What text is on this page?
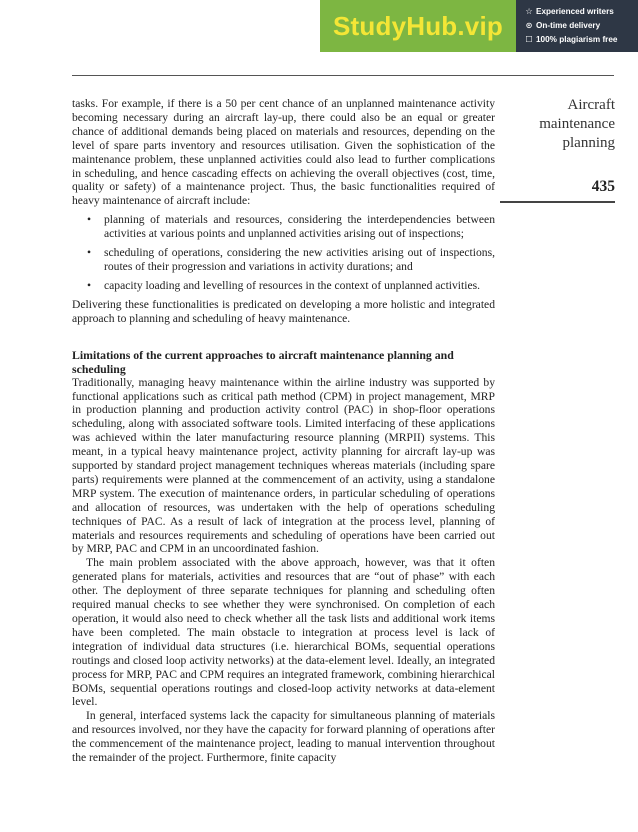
StudyHub.vip	☆ Experienced writers
⊙ On-time delivery
☐ 100% plagiarism free
Aircraft
maintenance
planning
435

tasks. For example, if there is a 50 per cent chance of an unplanned maintenance activity becoming necessary during an aircraft lay-up, there could also be an equal or greater chance of additional demands being placed on materials and resources, depending on the level of spare parts inventory and resources utilisation. Given the sophistication of the maintenance problem, these unplanned activities could also lead to further complications in scheduling, and hence cascading effects on achieving the overall objectives (cost, time, quality or safety) of a maintenance project. Thus, the basic functionalities required of heavy maintenance of aircraft include:

• planning of materials and resources, considering the interdependencies between activities at various points and unplanned activities arising out of inspections;
• scheduling of operations, considering the new activities arising out of inspections, routes of their progression and variations in activity durations; and
• capacity loading and levelling of resources in the context of unplanned activities.

Delivering these functionalities is predicated on developing a more holistic and integrated approach to planning and scheduling of heavy maintenance.

Limitations of the current approaches to aircraft maintenance planning and scheduling

Traditionally, managing heavy maintenance within the airline industry was supported by functional applications such as critical path method (CPM) in project management, MRP in production planning and production activity control (PAC) in shop-floor operations scheduling, along with associated software tools. Limited interfacing of these applications was achieved within the later manufacturing resource planning (MRPII) systems. This meant, in a typical heavy maintenance project, activity planning for aircraft lay-up was supported by standard project management techniques whereas materials (including spare parts) requirements were planned at the commencement of an activity, using a standalone MRP system. The execution of maintenance orders, in particular scheduling of operations and allocation of resources, was undertaken with the help of operations scheduling techniques of PAC. As a result of lack of integration at the process level, planning of materials and resources requirements and scheduling of operations have been carried out by MRP, PAC and CPM in an uncoordinated fashion.

The main problem associated with the above approach, however, was that it often generated plans for materials, activities and resources that are “out of phase” with each other. The deployment of three separate techniques for planning and scheduling often required manual checks to see whether they were synchronised. On completion of each operation, it would also need to check whether all the task lists and additional work items have been completed. The main obstacle to integration at process level is lack of integration of individual data structures (i.e. hierarchical BOMs, sequential operations routings and closed loop activity networks) at the data-element level. Ideally, an integrated process for MRP, PAC and CPM requires an integrated framework, combining hierarchical BOMs, sequential operations routings and closed-loop activity networks at data-element level.

In general, interfaced systems lack the capacity for simultaneous planning of materials and resources involved, nor they have the capacity for forward planning of operations after the commencement of the maintenance project, leading to manual intervention throughout the remainder of the project. Furthermore, finite capacity
